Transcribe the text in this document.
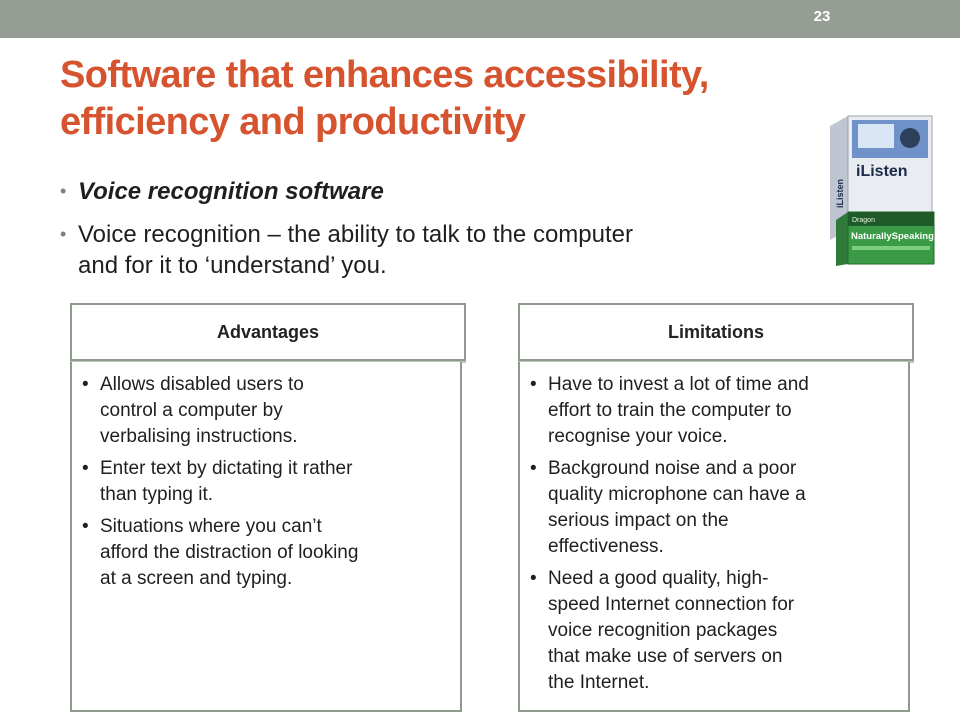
23
Software that enhances accessibility,
efficiency and productivity
• Voice recognition software
• Voice recognition – the ability to talk to the computer
and for it to ‘understand’ you.
iListen
iListen
Dragon
NaturallySpeaking
Advantages
• Allows disabled users to
control a computer by
verbalising instructions.
• Enter text by dictating it rather
than typing it.
• Situations where you can’t
afford the distraction of looking
at a screen and typing.
Limitations
• Have to invest a lot of time and
effort to train the computer to
recognise your voice.
• Background noise and a poor
quality microphone can have a
serious impact on the
effectiveness.
• Need a good quality, high-
speed Internet connection for
voice recognition packages
that make use of servers on
the Internet.
